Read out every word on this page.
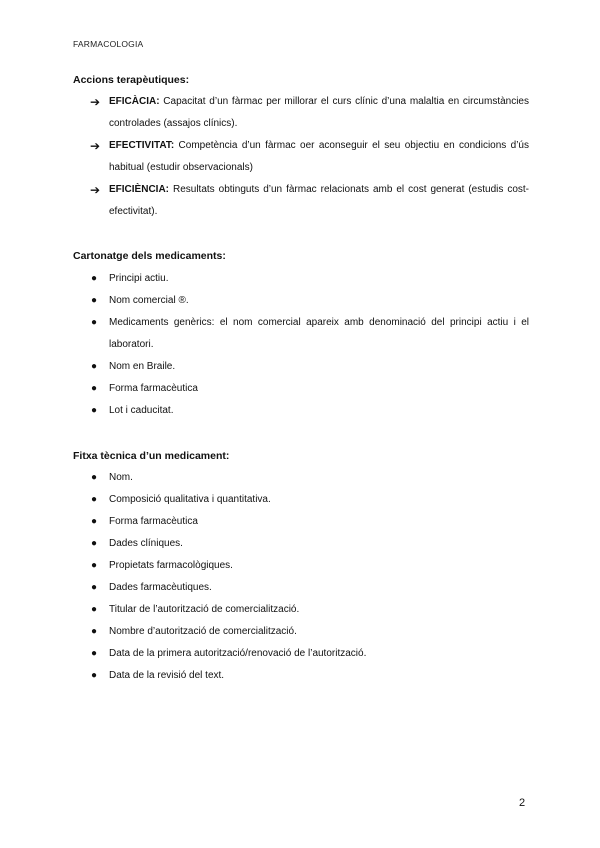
FARMACOLOGIA
Accions terapèutiques:
➔ EFICÀCIA: Capacitat d’un fàrmac per millorar el curs clínic d’una malaltia en circumstàncies controlades (assajos clínics).
➔ EFECTIVITAT: Competència d’un fàrmac oer aconseguir el seu objectiu en condicions d’ús habitual (estudir observacionals)
➔ EFICIÈNCIA: Resultats obtinguts d’un fàrmac relacionats amb el cost generat (estudis cost-efectivitat).
Cartonatge dels medicaments:
● Principi actiu.
● Nom comercial ®.
● Medicaments genèrics: el nom comercial apareix amb denominació del principi actiu i el laboratori.
● Nom en Braile.
● Forma farmacèutica
● Lot i caducitat.
Fitxa tècnica d’un medicament:
● Nom.
● Composició qualitativa i quantitativa.
● Forma farmacèutica
● Dades clíniques.
● Propietats farmacològiques.
● Dades farmacèutiques.
● Titular de l’autorització de comercialització.
● Nombre d’autorització de comercialització.
● Data de la primera autorització/renovació de l’autorització.
● Data de la revisió del text.
2
